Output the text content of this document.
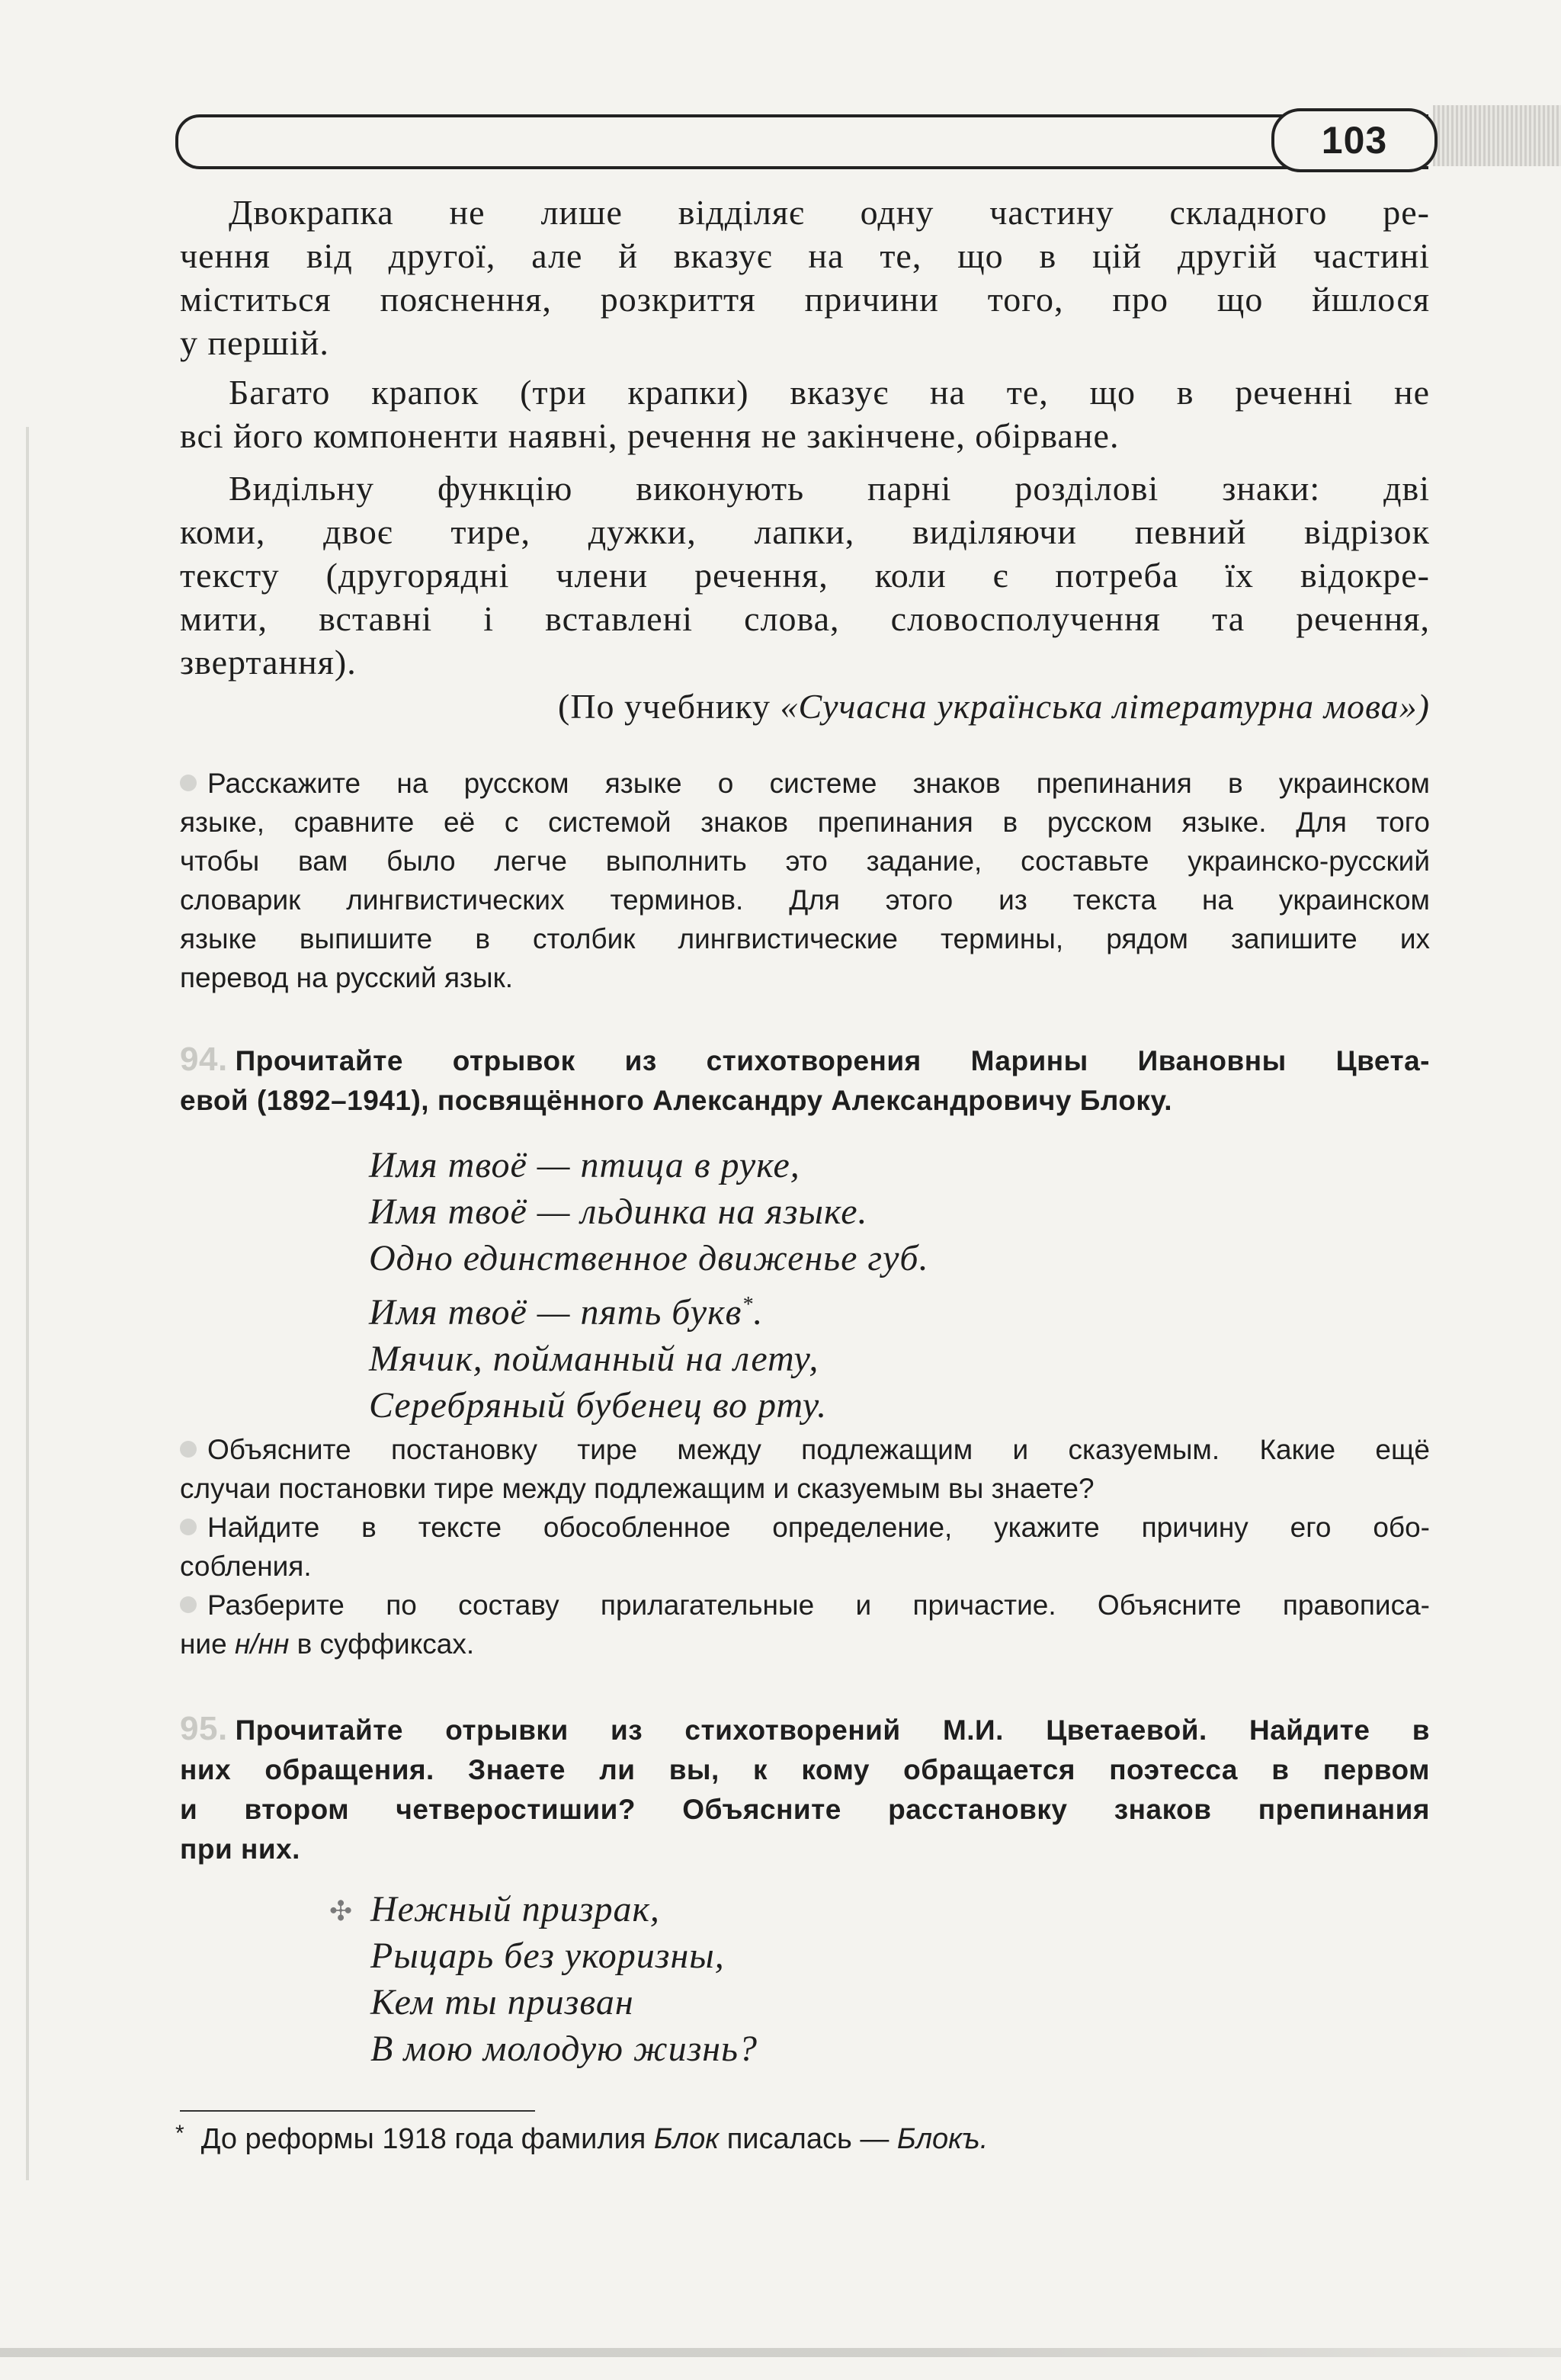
103
Двокрапка не лише відділяє одну частину складного ре-
чення від другої, але й вказує на те, що в цій другій частині
міститься пояснення, розкриття причини того, про що йшлося
у першій.
Багато крапок (три крапки) вказує на те, що в реченні не
всі його компоненти наявні, речення не закінчене, обірване.
Видільну функцію виконують парні розділові знаки: дві
коми, двоє тире, дужки, лапки, виділяючи певний відрізок
тексту (другорядні члени речення, коли є потреба їх відокре-
мити, вставні і вставлені слова, словосполучення та речення,
звертання).
(По учебнику «Сучасна українська літературна мова»)
Расскажите на русском языке о системе знаков препинания в украинском
языке, сравните её с системой знаков препинания в русском языке. Для того
чтобы вам было легче выполнить это задание, составьте украинско-русский
словарик лингвистических терминов. Для этого из текста на украинском
языке выпишите в столбик лингвистические термины, рядом запишите их
перевод на русский язык.
94. Прочитайте отрывок из стихотворения Марины Ивановны Цвета-
евой (1892–1941), посвящённого Александру Александровичу Блоку.
Имя твоё — птица в руке,
Имя твоё — льдинка на языке.
Одно единственное движенье губ.
Имя твоё — пять букв*.
Мячик, пойманный на лету,
Серебряный бубенец во рту.
Объясните постановку тире между подлежащим и сказуемым. Какие ещё
случаи постановки тире между подлежащим и сказуемым вы знаете?
Найдите в тексте обособленное определение, укажите причину его обо-
собления.
Разберите по составу прилагательные и причастие. Объясните правописа-
ние н/нн в суффиксах.
95. Прочитайте отрывки из стихотворений М.И. Цветаевой. Найдите в
них обращения. Знаете ли вы, к кому обращается поэтесса в первом
и втором четверостишии? Объясните расстановку знаков препинания
при них.
✣ Нежный призрак,
Рыцарь без укоризны,
Кем ты призван
В мою молодую жизнь?
* До реформы 1918 года фамилия Блок писалась — Блокъ.
